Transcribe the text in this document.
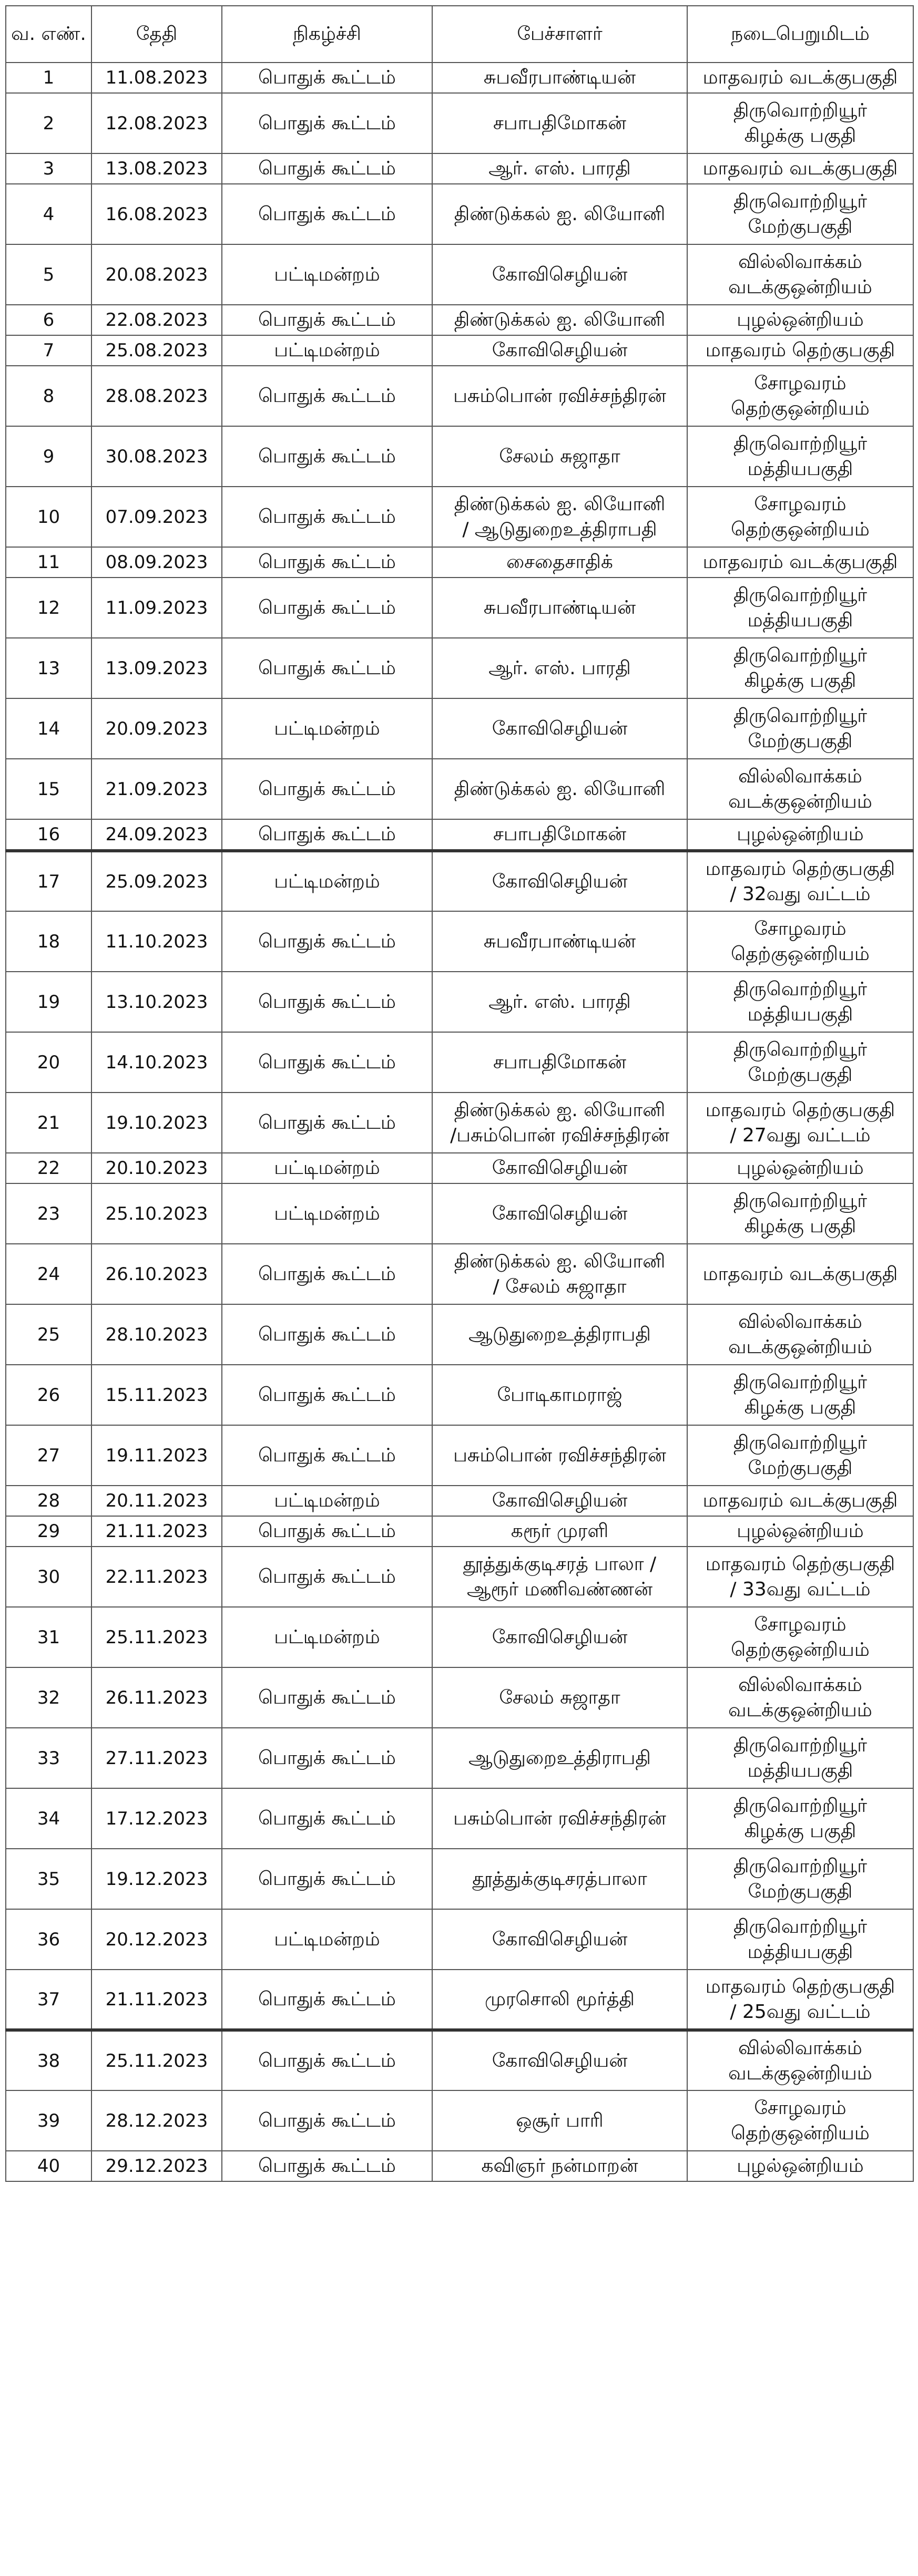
வ. எண்.	தேதி	நிகழ்ச்சி	பேச்சாளர்	நடைபெறுமிடம்
1	11.08.2023	பொதுக் கூட்டம்	சுபவீரபாண்டியன்	மாதவரம் வடக்குபகுதி

2	12.08.2023	பொதுக் கூட்டம்	சபாபதிமோகன்	திருவொற்றியூர்
கிழக்கு பகுதி

3	13.08.2023	பொதுக் கூட்டம்	ஆர். எஸ். பாரதி	மாதவரம் வடக்குபகுதி

4	16.08.2023	பொதுக் கூட்டம்	திண்டுக்கல் ஐ. லியோனி	திருவொற்றியூர்
மேற்குபகுதி

5	20.08.2023	பட்டிமன்றம்	கோவிசெழியன்	வில்லிவாக்கம்
வடக்குஒன்றியம்

6	22.08.2023	பொதுக் கூட்டம்	திண்டுக்கல் ஐ. லியோனி	புழல்ஒன்றியம்

7	25.08.2023	பட்டிமன்றம்	கோவிசெழியன்	மாதவரம் தெற்குபகுதி

8	28.08.2023	பொதுக் கூட்டம்	பசும்பொன் ரவிச்சந்திரன்	சோழவரம்
தெற்குஒன்றியம்

9	30.08.2023	பொதுக் கூட்டம்	சேலம் சுஜாதா	திருவொற்றியூர்
மத்தியபகுதி

10	07.09.2023	பொதுக் கூட்டம்	திண்டுக்கல் ஐ. லியோனி
/ ஆடுதுறைஉத்திராபதி	சோழவரம்
தெற்குஒன்றியம்

11	08.09.2023	பொதுக் கூட்டம்	சைதைசாதிக்	மாதவரம் வடக்குபகுதி

12	11.09.2023	பொதுக் கூட்டம்	சுபவீரபாண்டியன்	திருவொற்றியூர்
மத்தியபகுதி

13	13.09.2023	பொதுக் கூட்டம்	ஆர். எஸ். பாரதி	திருவொற்றியூர்
கிழக்கு பகுதி

14	20.09.2023	பட்டிமன்றம்	கோவிசெழியன்	திருவொற்றியூர்
மேற்குபகுதி

15	21.09.2023	பொதுக் கூட்டம்	திண்டுக்கல் ஐ. லியோனி	வில்லிவாக்கம்
வடக்குஒன்றியம்

16	24.09.2023	பொதுக் கூட்டம்	சபாபதிமோகன்	புழல்ஒன்றியம்

17	25.09.2023	பட்டிமன்றம்	கோவிசெழியன்	மாதவரம் தெற்குபகுதி
/ 32வது வட்டம்

18	11.10.2023	பொதுக் கூட்டம்	சுபவீரபாண்டியன்	சோழவரம்
தெற்குஒன்றியம்

19	13.10.2023	பொதுக் கூட்டம்	ஆர். எஸ். பாரதி	திருவொற்றியூர்
மத்தியபகுதி

20	14.10.2023	பொதுக் கூட்டம்	சபாபதிமோகன்	திருவொற்றியூர்
மேற்குபகுதி

21	19.10.2023	பொதுக் கூட்டம்	திண்டுக்கல் ஐ. லியோனி
/பசும்பொன் ரவிச்சந்திரன்	மாதவரம் தெற்குபகுதி
/ 27வது வட்டம்

22	20.10.2023	பட்டிமன்றம்	கோவிசெழியன்	புழல்ஒன்றியம்

23	25.10.2023	பட்டிமன்றம்	கோவிசெழியன்	திருவொற்றியூர்
கிழக்கு பகுதி

24	26.10.2023	பொதுக் கூட்டம்	திண்டுக்கல் ஐ. லியோனி
/ சேலம் சுஜாதா	மாதவரம் வடக்குபகுதி

25	28.10.2023	பொதுக் கூட்டம்	ஆடுதுறைஉத்திராபதி	வில்லிவாக்கம்
வடக்குஒன்றியம்

26	15.11.2023	பொதுக் கூட்டம்	போடிகாமராஜ்	திருவொற்றியூர்
கிழக்கு பகுதி

27	19.11.2023	பொதுக் கூட்டம்	பசும்பொன் ரவிச்சந்திரன்	திருவொற்றியூர்
மேற்குபகுதி

28	20.11.2023	பட்டிமன்றம்	கோவிசெழியன்	மாதவரம் வடக்குபகுதி

29	21.11.2023	பொதுக் கூட்டம்	கரூர் முரளி	புழல்ஒன்றியம்

30	22.11.2023	பொதுக் கூட்டம்	தூத்துக்குடிசரத் பாலா /
ஆரூர் மணிவண்ணன்	மாதவரம் தெற்குபகுதி
/ 33வது வட்டம்

31	25.11.2023	பட்டிமன்றம்	கோவிசெழியன்	சோழவரம்
தெற்குஒன்றியம்

32	26.11.2023	பொதுக் கூட்டம்	சேலம் சுஜாதா	வில்லிவாக்கம்
வடக்குஒன்றியம்

33	27.11.2023	பொதுக் கூட்டம்	ஆடுதுறைஉத்திராபதி	திருவொற்றியூர்
மத்தியபகுதி

34	17.12.2023	பொதுக் கூட்டம்	பசும்பொன் ரவிச்சந்திரன்	திருவொற்றியூர்
கிழக்கு பகுதி

35	19.12.2023	பொதுக் கூட்டம்	தூத்துக்குடிசரத்பாலா	திருவொற்றியூர்
மேற்குபகுதி

36	20.12.2023	பட்டிமன்றம்	கோவிசெழியன்	திருவொற்றியூர்
மத்தியபகுதி

37	21.11.2023	பொதுக் கூட்டம்	முரசொலி மூர்த்தி	மாதவரம் தெற்குபகுதி
/ 25வது வட்டம்

38	25.11.2023	பொதுக் கூட்டம்	கோவிசெழியன்	வில்லிவாக்கம்
வடக்குஒன்றியம்

39	28.12.2023	பொதுக் கூட்டம்	ஒசூர் பாரி	சோழவரம்
தெற்குஒன்றியம்

40	29.12.2023	பொதுக் கூட்டம்	கவிஞர் நன்மாறன்	புழல்ஒன்றியம்
